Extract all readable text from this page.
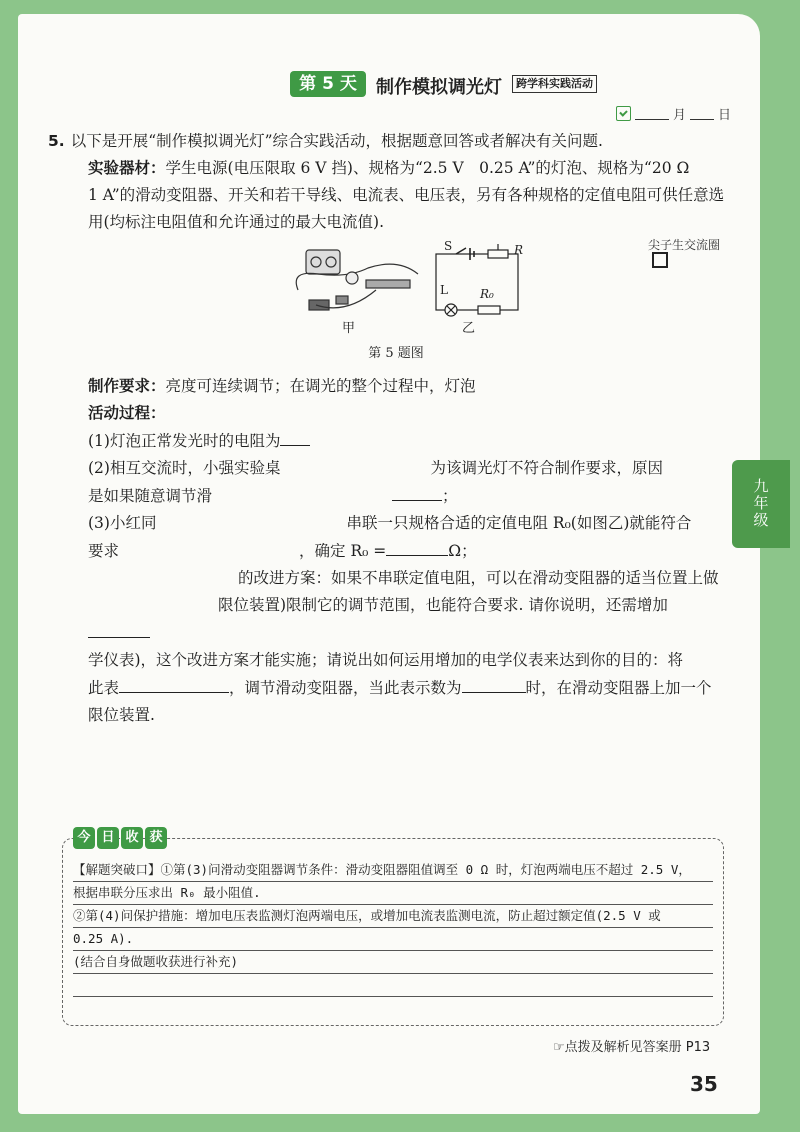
九
年
级
第 5 天	制作模拟调光灯	跨学科实践活动
月 日

5. 以下是开展“制作模拟调光灯”综合实践活动，根据题意回答或者解决有关问题.

实验器材：学生电源(电压限取 6 V 挡)、规格为“2.5 V　0.25 A”的灯泡、规格为“20 Ω

1 A”的滑动变阻器、开关和若干导线、电流表、电压表，另有各种规格的定值电阻可供任意选

用(均标注电阻值和允许通过的最大电流值).

甲
S	R
L	R₀
乙
第 5 题图

制作要求：亮度可连续调节；在调光的整个过程中，灯泡

活动过程：

(1)灯泡正常发光时的电阻为

(2)相互交流时，小强实验桌	为该调光灯不符合制作要求，原因

是如果随意调节滑	；

(3)小红同	串联一只规格合适的定值电阻 R₀(如图乙)就能符合

要求	，确定 R₀ =	Ω；

的改进方案：如果不串联定值电阻，可以在滑动变阻器的适当位置上做

限位装置)限制它的调节范围，也能符合要求. 请你说明，还需增加

学仪表)，这个改进方案才能实施；请说出如何运用增加的电学仪表来达到你的目的：将

此表	，调节滑动变阻器，当此表示数为	时，在滑动变阻器上加一个

限位装置.

尖子生交流圈
今 日 收 获
【解题突破口】①第(3)问滑动变阻器调节条件：滑动变阻器阻值调至 0 Ω 时，灯泡两端电压不超过 2.5 V，
根据串联分压求出 R₀ 最小阻值.
②第(4)问保护措施：增加电压表监测灯泡两端电压，或增加电流表监测电流，防止超过额定值(2.5 V 或
0.25 A).
(结合自身做题收获进行补充)
☞点拨及解析见答案册 P13
35
